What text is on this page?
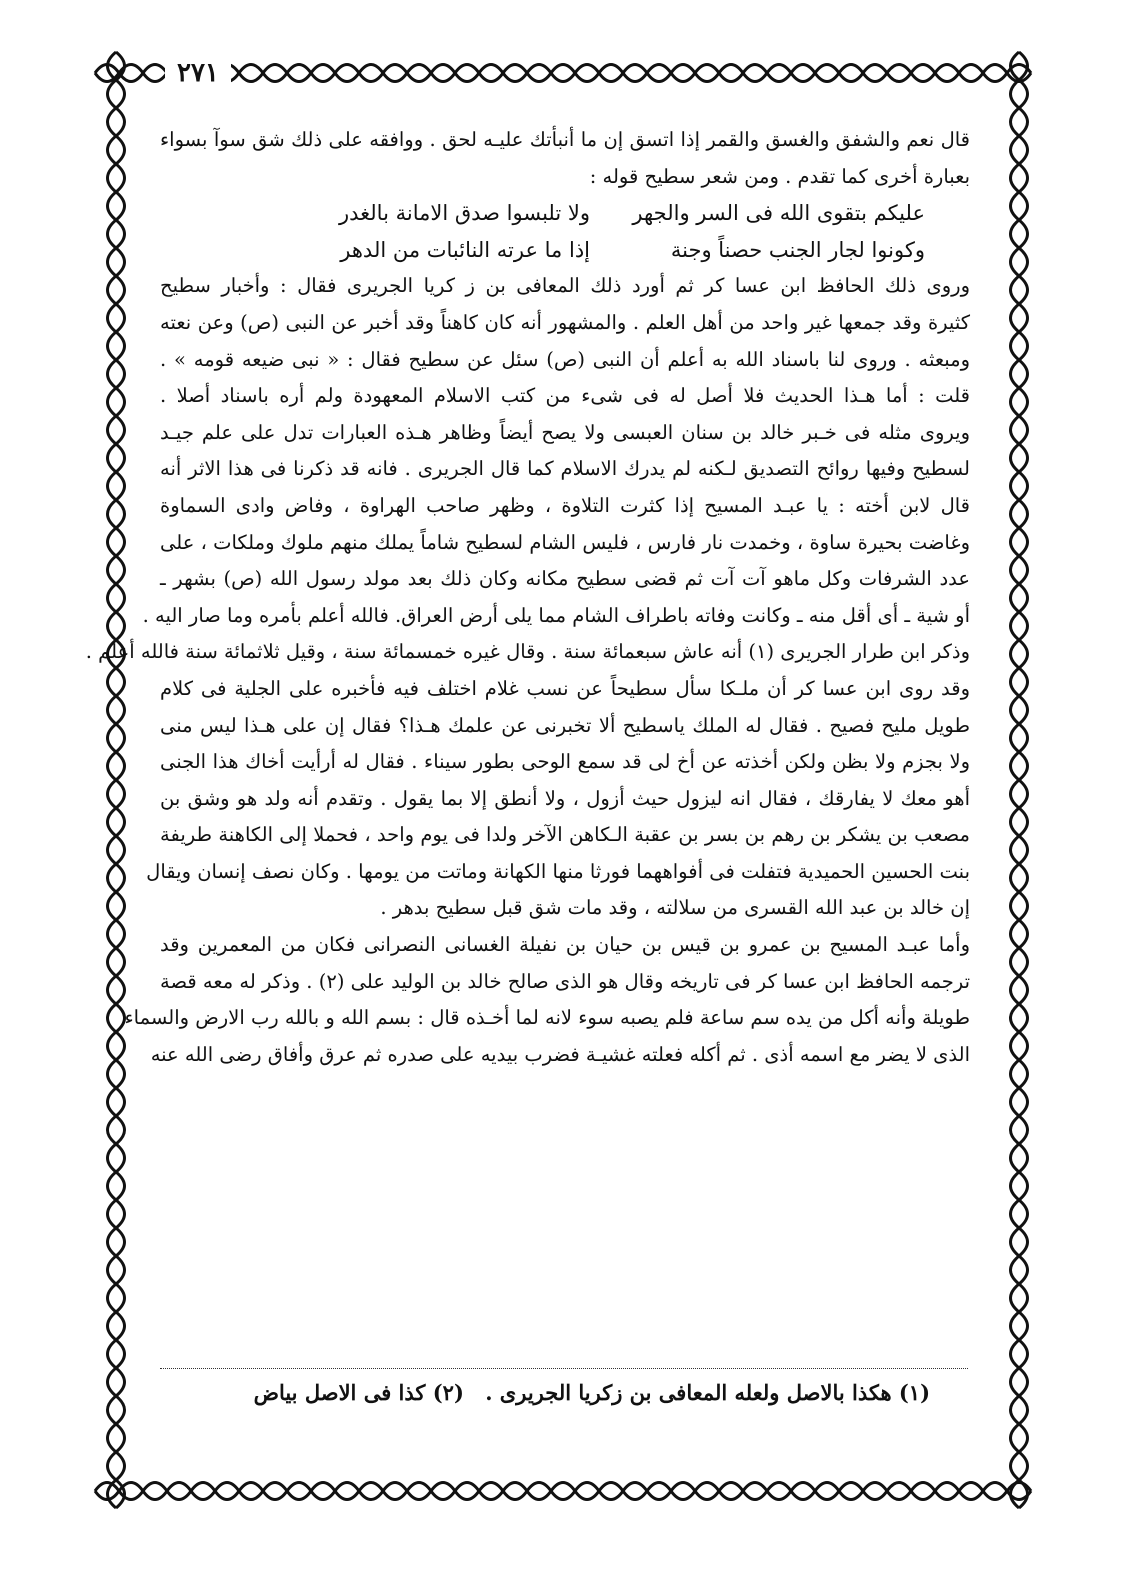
٢٧١
قال نعم والشفق والغسق والقمر إذا اتسق إن ما أنبأتك عليـه لحق . ووافقه على ذلك شق سوآ بسواء
بعبارة أخرى كما تقدم . ومن شعر سطيح قوله :
عليكم بتقوى الله فى السر والجهر
ولا تلبسوا صدق الامانة بالغدر
وكونوا لجار الجنب حصناً وجنة
إذا ما عرته النائبات من الدهر
وروى ذلك الحافظ ابن عسا كر ثم أورد ذلك المعافى بن ز كريا الجريرى فقال : وأخبار سطيح
كثيرة وقد جمعها غير واحد من أهل العلم . والمشهور أنه كان كاهناً وقد أخبر عن النبى (ص) وعن نعته
ومبعثه . وروى لنا باسناد الله به أعلم أن النبى (ص) سئل عن سطيح فقال : « نبى ضيعه قومه » .
قلت : أما هـذا الحديث فلا أصل له فى شىء من كتب الاسلام المعهودة ولم أره باسناد أصلا .
ويروى مثله فى خـبر خالد بن سنان العبسى ولا يصح أيضاً وظاهر هـذه العبارات تدل على علم جيـد
لسطيح وفيها روائح التصديق لـكنه لم يدرك الاسلام كما قال الجريرى . فانه قد ذكرنا فى هذا الاثر أنه
قال لابن أخته : يا عبـد المسيح إذا كثرت التلاوة ، وظهر صاحب الهراوة ، وفاض وادى السماوة
وغاضت بحيرة ساوة ، وخمدت نار فارس ، فليس الشام لسطيح شاماً يملك منهم ملوك وملكات ، على
عدد الشرفات وكل ماهو آت آت ثم قضى سطيح مكانه وكان ذلك بعد مولد رسول الله (ص) بشهر ـ
أو شية ـ أى أقل منه ـ وكانت وفاته باطراف الشام مما يلى أرض العراق. فالله أعلم بأمره وما صار اليه .
وذكر ابن طرار الجريرى (١) أنه عاش سبعمائة سنة . وقال غيره خمسمائة سنة ، وقيل ثلاثمائة سنة فالله أعلم .
وقد روى ابن عسا كر أن ملـكا سأل سطيحاً عن نسب غلام اختلف فيه فأخبره على الجلية فى كلام
طويل مليح فصيح . فقال له الملك ياسطيح ألا تخبرنى عن علمك هـذا؟ فقال إن على هـذا ليس منى
ولا بجزم ولا بظن ولكن أخذته عن أخ لى قد سمع الوحى بطور سيناء . فقال له أرأيت أخاك هذا الجنى
أهو معك لا يفارقك ، فقال انه ليزول حيث أزول ، ولا أنطق إلا بما يقول . وتقدم أنه ولد هو وشق بن
مصعب بن يشكر بن رهم بن بسر بن عقبة الـكاهن الآخر ولدا فى يوم واحد ، فحملا إلى الكاهنة طريفة
بنت الحسين الحميدية فتفلت فى أفواههما فورثا منها الكهانة وماتت من يومها . وكان نصف إنسان ويقال
إن خالد بن عبد الله القسرى من سلالته ، وقد مات شق قبل سطيح بدهر .
وأما عبـد المسيح بن عمرو بن قيس بن حيان بن نفيلة الغسانى النصرانى فكان من المعمرين وقد
ترجمه الحافظ ابن عسا كر فى تاريخه وقال هو الذى صالح خالد بن الوليد على (٢) . وذكر له معه قصة
طويلة وأنه أكل من يده سم ساعة فلم يصبه سوء لانه لما أخـذه قال : بسم الله و بالله رب الارض والسماء
الذى لا يضر مع اسمه أذى . ثم أكله فعلته غشيـة فضرب بيديه على صدره ثم عرق وأفاق رضى الله عنه
(١) هكذا بالاصل ولعله المعافى بن زكريا الجريرى . (٢) كذا فى الاصل بياض
